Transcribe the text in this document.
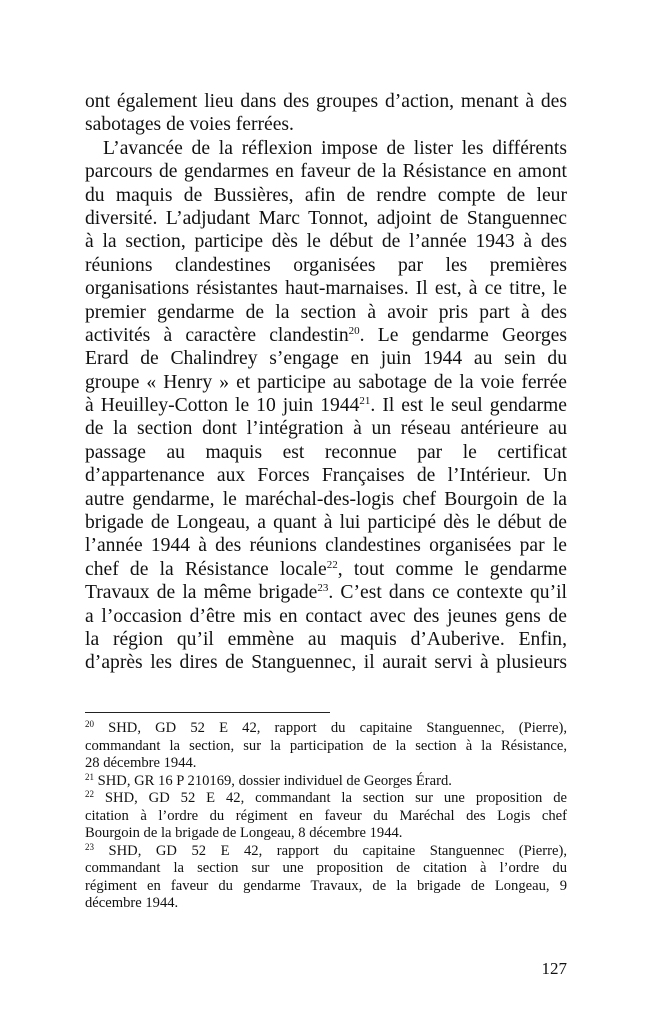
ont également lieu dans des groupes d’action, menant à des
sabotages de voies ferrées.
L’avancée de la réflexion impose de lister les différents
parcours de gendarmes en faveur de la Résistance en amont
du maquis de Bussières, afin de rendre compte de leur
diversité. L’adjudant Marc Tonnot, adjoint de Stanguennec
à la section, participe dès le début de l’année 1943 à des
réunions clandestines organisées par les premières
organisations résistantes haut-marnaises. Il est, à ce titre, le
premier gendarme de la section à avoir pris part à des
activités à caractère clandestin$^{20}$. Le gendarme Georges
Erard de Chalindrey s’engage en juin 1944 au sein du
groupe « Henry » et participe au sabotage de la voie ferrée
à Heuilley-Cotton le 10 juin 1944$^{21}$. Il est le seul gendarme
de la section dont l’intégration à un réseau antérieure au
passage au maquis est reconnue par le certificat
d’appartenance aux Forces Françaises de l’Intérieur. Un
autre gendarme, le maréchal-des-logis chef Bourgoin de la
brigade de Longeau, a quant à lui participé dès le début de
l’année 1944 à des réunions clandestines organisées par le
chef de la Résistance locale$^{22}$, tout comme le gendarme
Travaux de la même brigade$^{23}$. C’est dans ce contexte qu’il
a l’occasion d’être mis en contact avec des jeunes gens de
la région qu’il emmène au maquis d’Auberive. Enfin,
d’après les dires de Stanguennec, il aurait servi à plusieurs
$^{20}$ SHD, GD 52 E 42, rapport du capitaine Stanguennec, (Pierre),
commandant la section, sur la participation de la section à la Résistance,
28 décembre 1944.
$^{21}$ SHD, GR 16 P 210169, dossier individuel de Georges Érard.
$^{22}$ SHD, GD 52 E 42, commandant la section sur une proposition de
citation à l’ordre du régiment en faveur du Maréchal des Logis chef
Bourgoin de la brigade de Longeau, 8 décembre 1944.
$^{23}$ SHD, GD 52 E 42, rapport du capitaine Stanguennec (Pierre),
commandant la section sur une proposition de citation à l’ordre du
régiment en faveur du gendarme Travaux, de la brigade de Longeau, 9
décembre 1944.
127
